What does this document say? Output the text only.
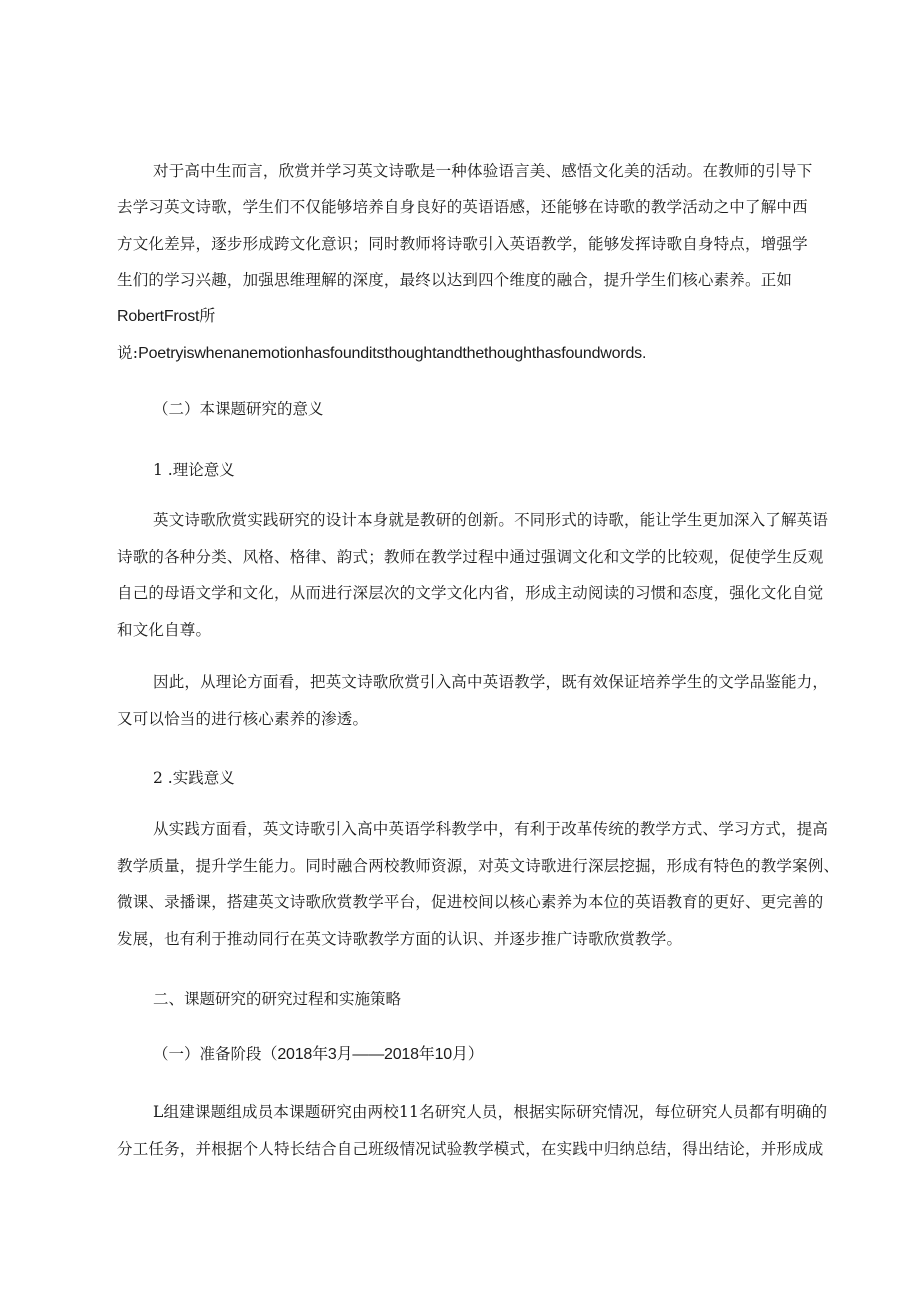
对于高中生而言，欣赏并学习英文诗歌是一种体验语言美、感悟文化美的活动。在教师的引导下
去学习英文诗歌，学生们不仅能够培养自身良好的英语语感，还能够在诗歌的教学活动之中了解中西
方文化差异，逐步形成跨文化意识；同时教师将诗歌引入英语教学，能够发挥诗歌自身特点，增强学
生们的学习兴趣，加强思维理解的深度，最终以达到四个维度的融合，提升学生们核心素养。正如
RobertFrost所
说:Poetryiswhenanemotionhasfounditsthoughtandthethoughthasfoundwords.

（二）本课题研究的意义

1 .理论意义

英文诗歌欣赏实践研究的设计本身就是教研的创新。不同形式的诗歌，能让学生更加深入了解英语
诗歌的各种分类、风格、格律、韵式；教师在教学过程中通过强调文化和文学的比较观，促使学生反观
自己的母语文学和文化，从而进行深层次的文学文化内省，形成主动阅读的习惯和态度，强化文化自觉
和文化自尊。
因此，从理论方面看，把英文诗歌欣赏引入高中英语教学，既有效保证培养学生的文学品鉴能力，
又可以恰当的进行核心素养的渗透。

2 .实践意义

从实践方面看，英文诗歌引入高中英语学科教学中，有利于改革传统的教学方式、学习方式，提高
教学质量，提升学生能力。同时融合两校教师资源，对英文诗歌进行深层挖掘，形成有特色的教学案例、
微课、录播课，搭建英文诗歌欣赏教学平台，促进校间以核心素养为本位的英语教育的更好、更完善的
发展，也有利于推动同行在英文诗歌教学方面的认识、并逐步推广诗歌欣赏教学。

二、课题研究的研究过程和实施策略

（一）准备阶段（2018年3月——2018年10月）

L组建课题组成员本课题研究由两校11名研究人员，根据实际研究情况，每位研究人员都有明确的
分工任务，并根据个人特长结合自己班级情况试验教学模式，在实践中归纳总结，得出结论，并形成成
